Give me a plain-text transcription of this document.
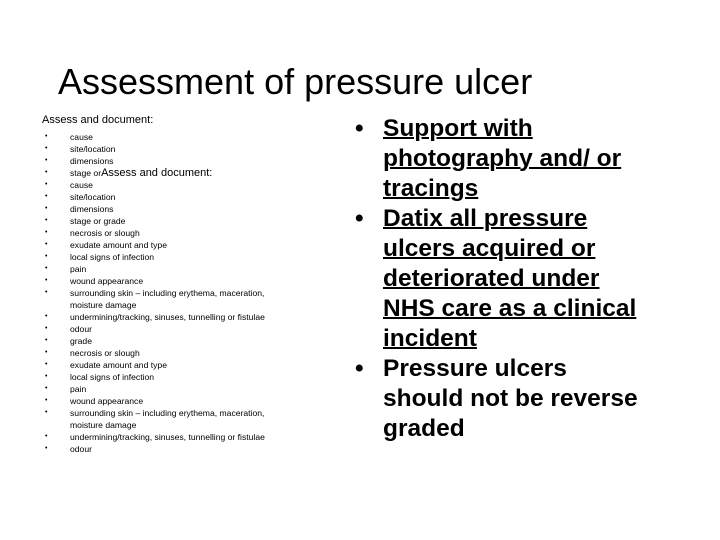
Assessment of pressure ulcer
Assess and document:
•	cause
•	site/location
•	dimensions
•	stage orAssess and document:
•	cause
•	site/location
•	dimensions
•	stage or grade
•	necrosis or slough
•	exudate amount and type
•	local signs of infection
•	pain
•	wound appearance
•	surrounding skin – including erythema, maceration,
moisture damage
•	undermining/tracking, sinuses, tunnelling or fistulae
•	odour
•	grade
•	necrosis or slough
•	exudate amount and type
•	local signs of infection
•	pain
•	wound appearance
•	surrounding skin – including erythema, maceration,
moisture damage
•	undermining/tracking, sinuses, tunnelling or fistulae
•	odour
• Support with photography and/ or tracings
• Datix all pressure ulcers acquired or deteriorated under NHS care as a clinical incident
• Pressure ulcers should not be reverse graded
